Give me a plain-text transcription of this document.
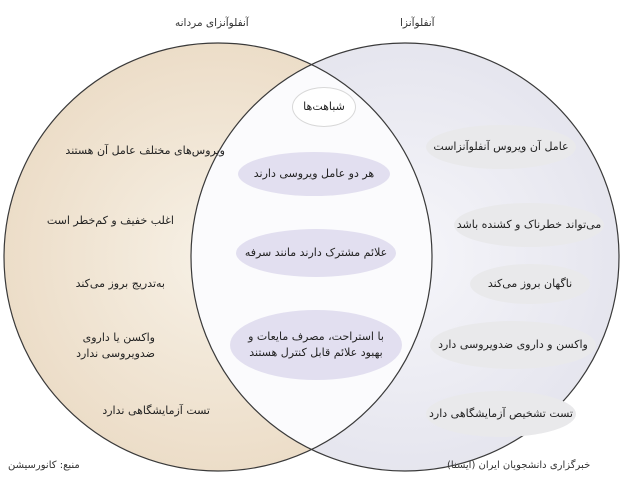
آنفلوآنزای مردانه	آنفلوآنزا
شباهت‌ها
ویروس‌های مختلف عامل آن هستند
اغلب خفیف و کم‌خطر است
به‌تدریج بروز می‌کند
واکسن یا داروی
ضدویروسی ندارد
تست آزمایشگاهی ندارد
هر دو عامل ویروسی دارند
علائم مشترک دارند مانند سرفه
با استراحت، مصرف مایعات و
بهبود علائم قابل کنترل هستند
عامل آن ویروس آنفلوآنزاست
می‌تواند خطرناک و کشنده باشد
ناگهان بروز می‌کند
واکسن و داروی ضدویروسی دارد
تست تشخیص آزمایشگاهی دارد
منبع: کانورسیشن	خبرگزاری دانشجویان ایران (ایسنا)
